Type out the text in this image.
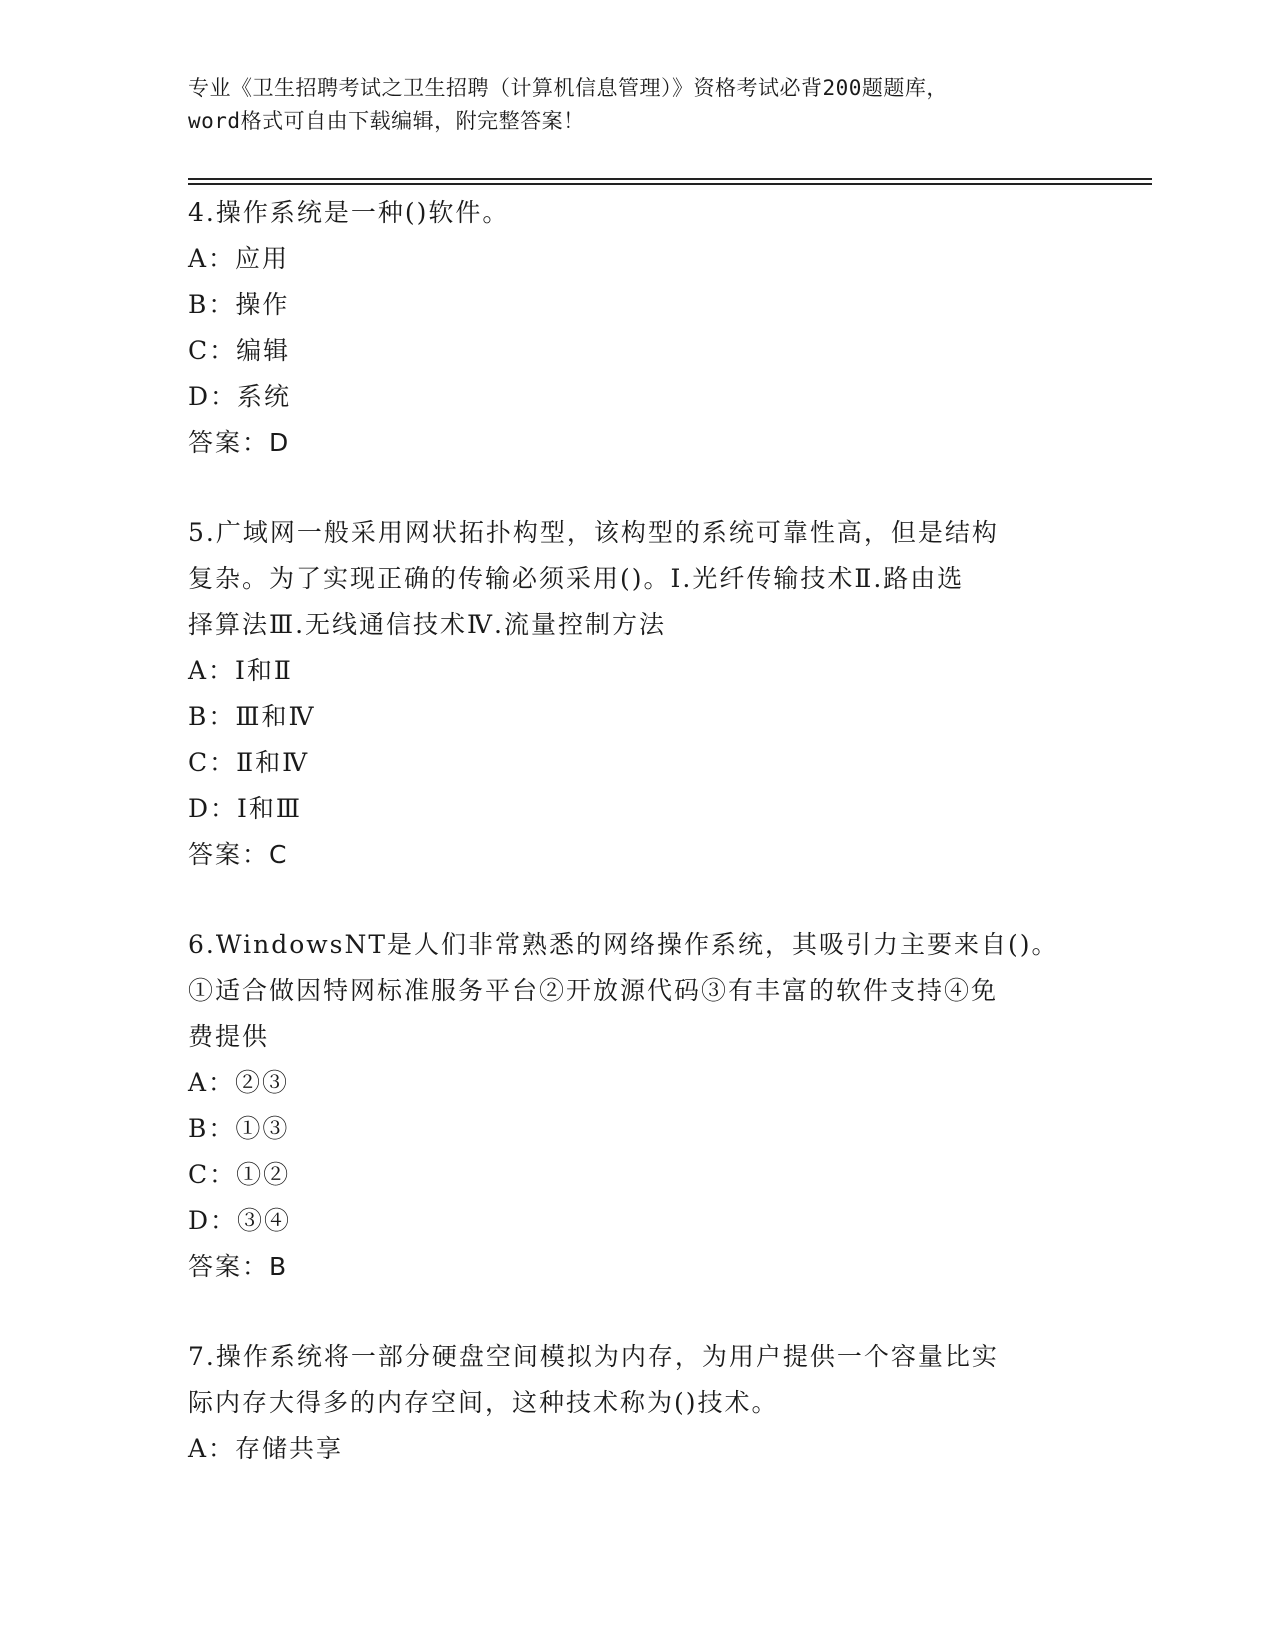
专业《卫生招聘考试之卫生招聘（计算机信息管理）》资格考试必背200题题库，

word格式可自由下载编辑，附完整答案！

4.操作系统是一种()软件。

A：应用

B：操作

C：编辑

D：系统

答案：D

5.广域网一般采用网状拓扑构型，该构型的系统可靠性高，但是结构

复杂。为了实现正确的传输必须采用()。Ⅰ.光纤传输技术Ⅱ.路由选

择算法Ⅲ.无线通信技术Ⅳ.流量控制方法

A：Ⅰ和Ⅱ

B：Ⅲ和Ⅳ

C：Ⅱ和Ⅳ

D：Ⅰ和Ⅲ

答案：C

6.WindowsNT是人们非常熟悉的网络操作系统，其吸引力主要来自()。

①适合做因特网标准服务平台②开放源代码③有丰富的软件支持④免

费提供

A：②③

B：①③

C：①②

D：③④

答案：B

7.操作系统将一部分硬盘空间模拟为内存，为用户提供一个容量比实

际内存大得多的内存空间，这种技术称为()技术。

A：存储共享
